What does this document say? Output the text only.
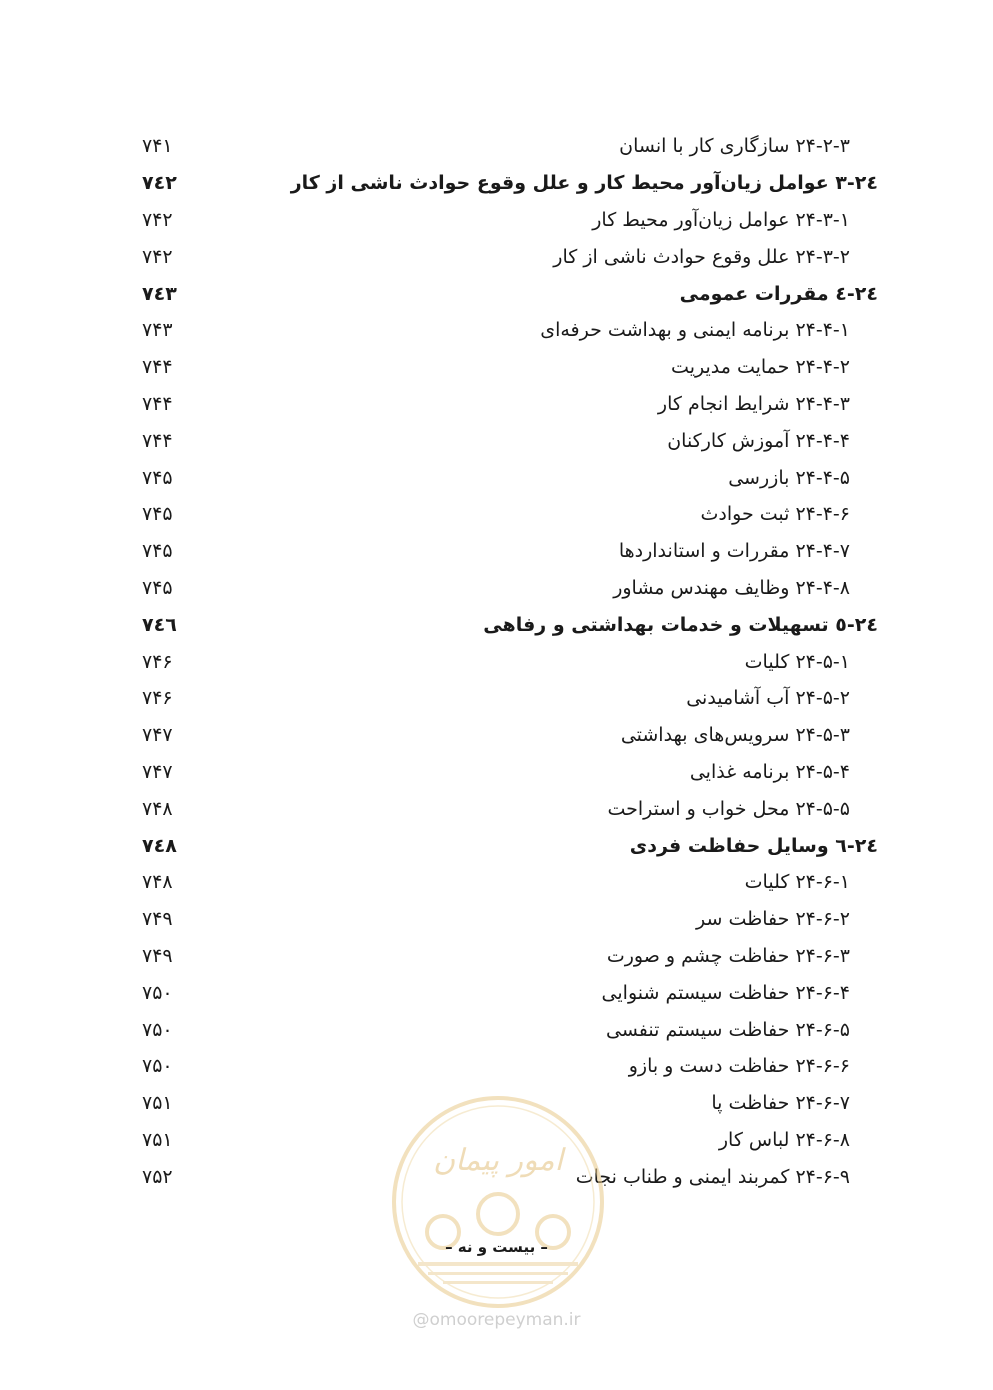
۲۴-۲-۳ سازگاری کار با انسان
۷۴۱
۲٤-۳ عوامل زیان‌آور محیط کار و علل وقوع حوادث ناشی از کار
۷٤۲
۲۴-۳-۱ عوامل زیان‌آور محیط کار
۷۴۲
۲۴-۳-۲ علل وقوع حوادث ناشی از کار
۷۴۲
۲٤-٤ مقررات عمومی
۷٤۳
۲۴-۴-۱ برنامه ایمنی و بهداشت حرفه‌ای
۷۴۳
۲۴-۴-۲ حمایت مدیریت
۷۴۴
۲۴-۴-۳ شرایط انجام کار
۷۴۴
۲۴-۴-۴ آموزش کارکنان
۷۴۴
۲۴-۴-۵ بازرسی
۷۴۵
۲۴-۴-۶ ثبت حوادث
۷۴۵
۲۴-۴-۷ مقررات و استانداردها
۷۴۵
۲۴-۴-۸ وظایف مهندس مشاور
۷۴۵
۲٤-٥ تسهیلات و خدمات بهداشتی و رفاهی
۷٤٦
۲۴-۵-۱ کلیات
۷۴۶
۲۴-۵-۲ آب آشامیدنی
۷۴۶
۲۴-۵-۳ سرویس‌های بهداشتی
۷۴۷
۲۴-۵-۴ برنامه غذایی
۷۴۷
۲۴-۵-۵ محل خواب و استراحت
۷۴۸
۲٤-٦ وسایل حفاظت فردی
۷٤۸
۲۴-۶-۱ کلیات
۷۴۸
۲۴-۶-۲ حفاظت سر
۷۴۹
۲۴-۶-۳ حفاظت چشم و صورت
۷۴۹
۲۴-۶-۴ حفاظت سیستم شنوایی
۷۵۰
۲۴-۶-۵ حفاظت سیستم تنفسی
۷۵۰
۲۴-۶-۶ حفاظت دست و بازو
۷۵۰
۲۴-۶-۷ حفاظت پا
۷۵۱
۲۴-۶-۸ لباس کار
۷۵۱
۲۴-۶-۹ کمربند ایمنی و طناب نجات
۷۵۲	امور پیمان
– بیست و نه –
@omoorepeyman.ir
